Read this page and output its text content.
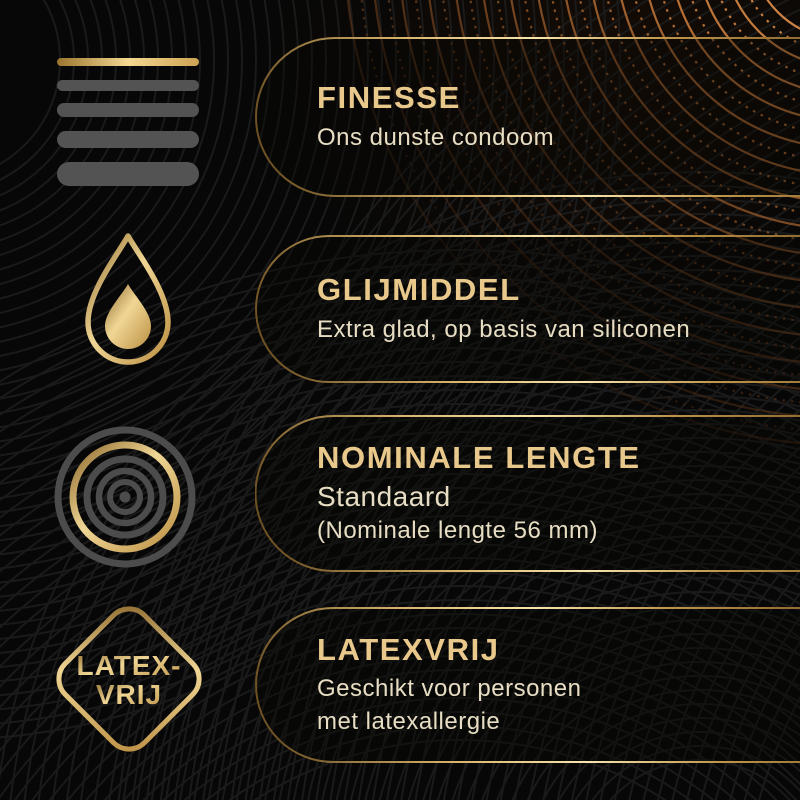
FINESSE

Ons dunste condoom

GLIJMIDDEL

Extra glad, op basis van siliconen

NOMINALE LENGTE

Standaard

(Nominale lengte 56 mm)

LATEXVRIJ

Geschikt voor personen

met latexallergie

LATEX-
VRIJ
